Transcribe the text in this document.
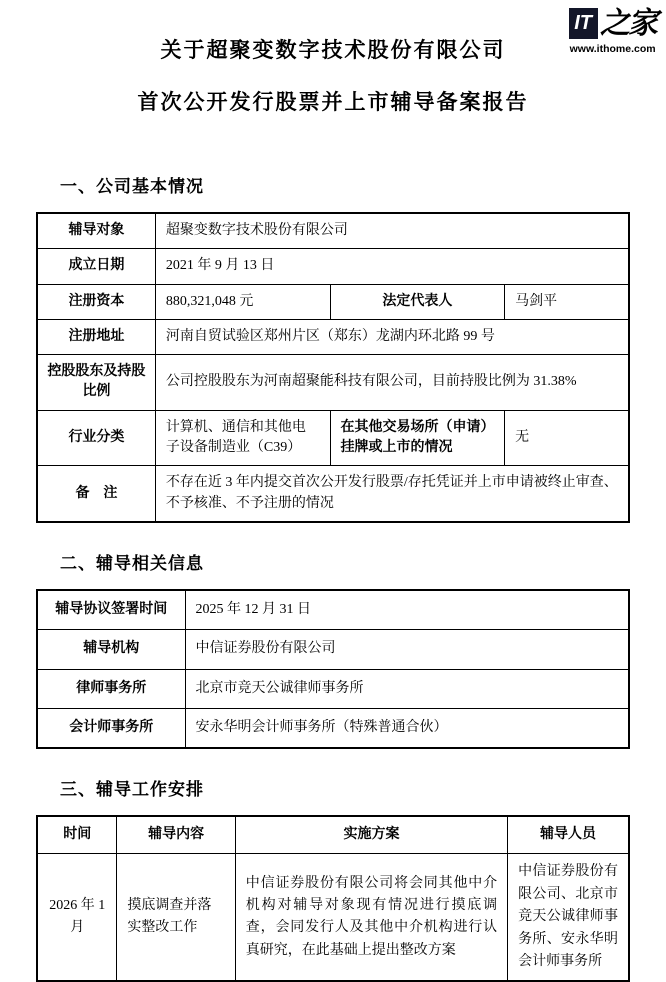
IT 之家
www.ithome.com
关于超聚变数字技术股份有限公司
首次公开发行股票并上市辅导备案报告
一、公司基本情况
辅导对象	超聚变数字技术股份有限公司		
成立日期	2021 年 9 月 13 日		
注册资本	880,321,048 元	法定代表人	马剑平
注册地址	河南自贸试验区郑州片区（郑东）龙湖内环北路 99 号		
控股股东及持股比例	公司控股股东为河南超聚能科技有限公司，目前持股比例为 31.38%		
行业分类	计算机、通信和其他电子设备制造业（C39）	在其他交易场所（申请）挂牌或上市的情况	无
备　注	不存在近 3 年内提交首次公开发行股票/存托凭证并上市申请被终止审查、不予核准、不予注册的情况		
二、辅导相关信息
辅导协议签署时间	2025 年 12 月 31 日
辅导机构	中信证券股份有限公司
律师事务所	北京市竞天公诚律师事务所
会计师事务所	安永华明会计师事务所（特殊普通合伙）
三、辅导工作安排
时间	辅导内容	实施方案	辅导人员
2026 年 1 月	摸底调查并落实整改工作	中信证券股份有限公司将会同其他中介机构对辅导对象现有情况进行摸底调查，会同发行人及其他中介机构进行认真研究，在此基础上提出整改方案	中信证券股份有限公司、北京市竞天公诚律师事务所、安永华明会计师事务所
